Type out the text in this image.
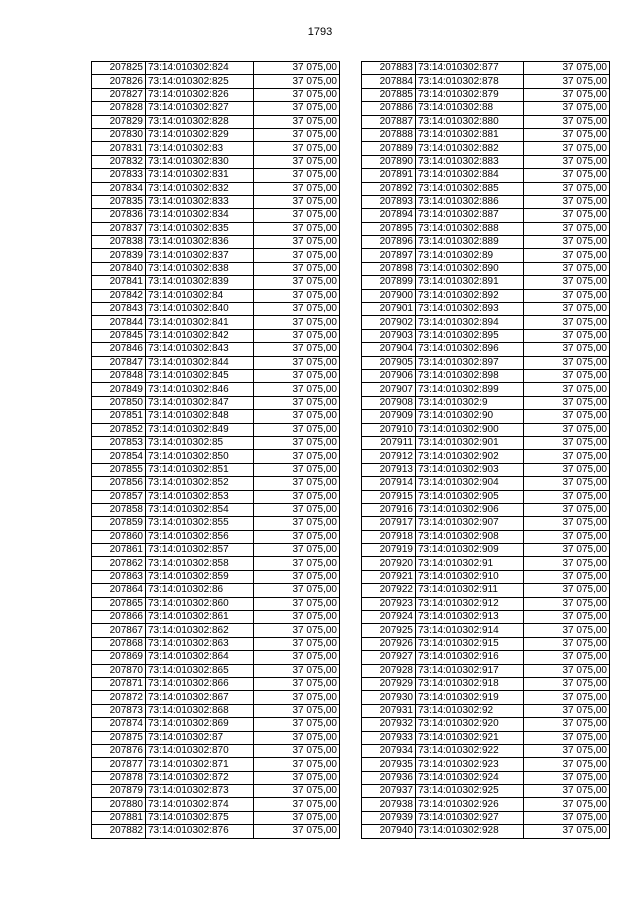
1793
207825	73:14:010302:824	37 075,00
207826	73:14:010302:825	37 075,00
207827	73:14:010302:826	37 075,00
207828	73:14:010302:827	37 075,00
207829	73:14:010302:828	37 075,00
207830	73:14:010302:829	37 075,00
207831	73:14:010302:83	37 075,00
207832	73:14:010302:830	37 075,00
207833	73:14:010302:831	37 075,00
207834	73:14:010302:832	37 075,00
207835	73:14:010302:833	37 075,00
207836	73:14:010302:834	37 075,00
207837	73:14:010302:835	37 075,00
207838	73:14:010302:836	37 075,00
207839	73:14:010302:837	37 075,00
207840	73:14:010302:838	37 075,00
207841	73:14:010302:839	37 075,00
207842	73:14:010302:84	37 075,00
207843	73:14:010302:840	37 075,00
207844	73:14:010302:841	37 075,00
207845	73:14:010302:842	37 075,00
207846	73:14:010302:843	37 075,00
207847	73:14:010302:844	37 075,00
207848	73:14:010302:845	37 075,00
207849	73:14:010302:846	37 075,00
207850	73:14:010302:847	37 075,00
207851	73:14:010302:848	37 075,00
207852	73:14:010302:849	37 075,00
207853	73:14:010302:85	37 075,00
207854	73:14:010302:850	37 075,00
207855	73:14:010302:851	37 075,00
207856	73:14:010302:852	37 075,00
207857	73:14:010302:853	37 075,00
207858	73:14:010302:854	37 075,00
207859	73:14:010302:855	37 075,00
207860	73:14:010302:856	37 075,00
207861	73:14:010302:857	37 075,00
207862	73:14:010302:858	37 075,00
207863	73:14:010302:859	37 075,00
207864	73:14:010302:86	37 075,00
207865	73:14:010302:860	37 075,00
207866	73:14:010302:861	37 075,00
207867	73:14:010302:862	37 075,00
207868	73:14:010302:863	37 075,00
207869	73:14:010302:864	37 075,00
207870	73:14:010302:865	37 075,00
207871	73:14:010302:866	37 075,00
207872	73:14:010302:867	37 075,00
207873	73:14:010302:868	37 075,00
207874	73:14:010302:869	37 075,00
207875	73:14:010302:87	37 075,00
207876	73:14:010302:870	37 075,00
207877	73:14:010302:871	37 075,00
207878	73:14:010302:872	37 075,00
207879	73:14:010302:873	37 075,00
207880	73:14:010302:874	37 075,00
207881	73:14:010302:875	37 075,00
207882	73:14:010302:876	37 075,00
207883	73:14:010302:877	37 075,00
207884	73:14:010302:878	37 075,00
207885	73:14:010302:879	37 075,00
207886	73:14:010302:88	37 075,00
207887	73:14:010302:880	37 075,00
207888	73:14:010302:881	37 075,00
207889	73:14:010302:882	37 075,00
207890	73:14:010302:883	37 075,00
207891	73:14:010302:884	37 075,00
207892	73:14:010302:885	37 075,00
207893	73:14:010302:886	37 075,00
207894	73:14:010302:887	37 075,00
207895	73:14:010302:888	37 075,00
207896	73:14:010302:889	37 075,00
207897	73:14:010302:89	37 075,00
207898	73:14:010302:890	37 075,00
207899	73:14:010302:891	37 075,00
207900	73:14:010302:892	37 075,00
207901	73:14:010302:893	37 075,00
207902	73:14:010302:894	37 075,00
207903	73:14:010302:895	37 075,00
207904	73:14:010302:896	37 075,00
207905	73:14:010302:897	37 075,00
207906	73:14:010302:898	37 075,00
207907	73:14:010302:899	37 075,00
207908	73:14:010302:9	37 075,00
207909	73:14:010302:90	37 075,00
207910	73:14:010302:900	37 075,00
207911	73:14:010302:901	37 075,00
207912	73:14:010302:902	37 075,00
207913	73:14:010302:903	37 075,00
207914	73:14:010302:904	37 075,00
207915	73:14:010302:905	37 075,00
207916	73:14:010302:906	37 075,00
207917	73:14:010302:907	37 075,00
207918	73:14:010302:908	37 075,00
207919	73:14:010302:909	37 075,00
207920	73:14:010302:91	37 075,00
207921	73:14:010302:910	37 075,00
207922	73:14:010302:911	37 075,00
207923	73:14:010302:912	37 075,00
207924	73:14:010302:913	37 075,00
207925	73:14:010302:914	37 075,00
207926	73:14:010302:915	37 075,00
207927	73:14:010302:916	37 075,00
207928	73:14:010302:917	37 075,00
207929	73:14:010302:918	37 075,00
207930	73:14:010302:919	37 075,00
207931	73:14:010302:92	37 075,00
207932	73:14:010302:920	37 075,00
207933	73:14:010302:921	37 075,00
207934	73:14:010302:922	37 075,00
207935	73:14:010302:923	37 075,00
207936	73:14:010302:924	37 075,00
207937	73:14:010302:925	37 075,00
207938	73:14:010302:926	37 075,00
207939	73:14:010302:927	37 075,00
207940	73:14:010302:928	37 075,00
